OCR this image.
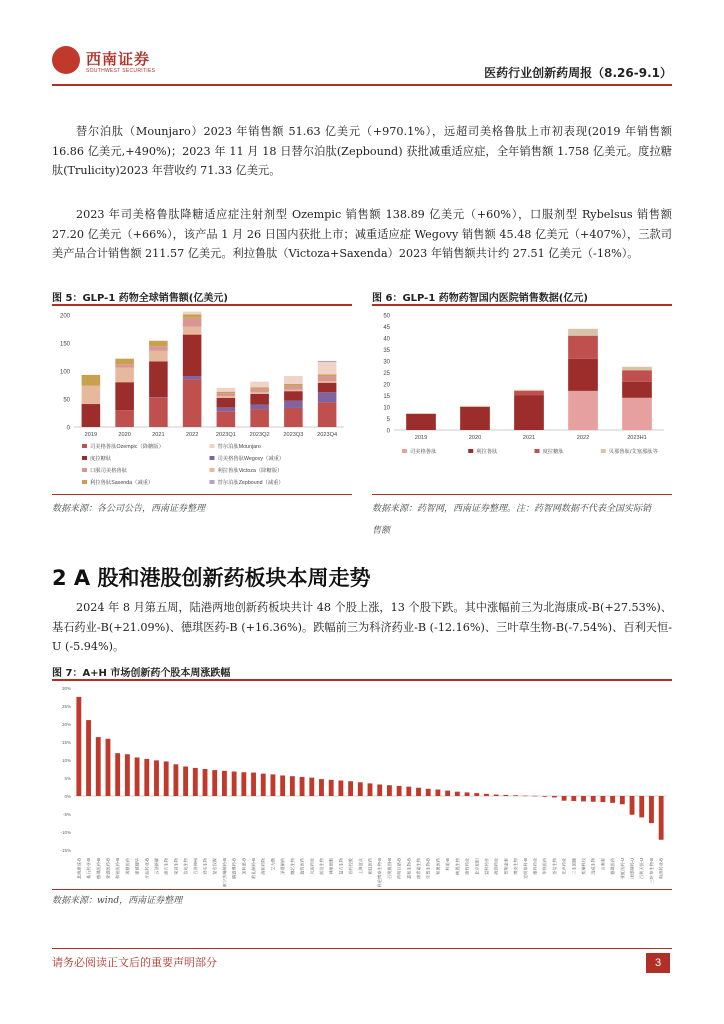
西南证券
SOUTHWEST SECURITIES	医药行业创新药周报（8.26-9.1）
替尔泊肽（Mounjaro）2023 年销售额 51.63 亿美元（+970.1%），远超司美格鲁肽上市初表现(2019 年销售额 16.86 亿美元,+490%)；2023 年 11 月 18 日替尔泊肽(Zepbound) 获批减重适应症，全年销售额 1.758 亿美元。度拉糖肽(Trulicity)2023 年营收约 71.33 亿美元。
2023 年司美格鲁肽降糖适应症注射剂型 Ozempic 销售额 138.89 亿美元（+60%），口服剂型 Rybelsus 销售额 27.20 亿美元（+66%），该产品 1 月 26 日国内获批上市；减重适应症 Wegovy 销售额 45.48 亿美元（+407%），三款司美产品合计销售额 211.57 亿美元。利拉鲁肽（Victoza+Saxenda）2023 年销售额共计约 27.51 亿美元（-18%）。
图 5：GLP-1 药物全球销售额(亿美元)
0
50
100
150
200
2019	2020	2021	2022	2023Q1 2023Q2 2023Q3 2023Q4
司美格鲁肽Ozempic（降糖版）	替尔泊肽Mounjaro
度拉糖肽	司美格鲁肽Wegovy（减重）
口服司美格鲁肽	利拉鲁肽Victoza（降糖版）
利拉鲁肽Saxenda（减重）	替尔泊肽Zepbound（减重）
数据来源：各公司公告，西南证券整理
图 6：GLP-1 药物药智国内医院销售数据(亿元)
0
5
10
15
20
25
30
35
40
45
50
2019	2020	2021	2022	2023H1
司美格鲁肽	利拉鲁肽	度拉糖肽	贝那鲁肽/艾塞那肽等
数据来源：药智网，西南证券整理。注：药智网数据不代表全国实际销
售额
2 A 股和港股创新药板块本周走势
2024 年 8 月第五周，陆港两地创新药板块共计 48 个股上涨，13 个股下跌。其中涨幅前三为北海康成-B(+27.53%)、基石药业-B(+21.09%)、德琪医药-B (+16.36%)。跌幅前三为科济药业-B (-12.16%)、三叶草生物-B(-7.54%)、百利天恒-U (-5.94%)。
图 7：A+H 市场创新药个股本周涨跌幅
30%
25%
20%
15%
10%
5%
0%
-5%
-10%
-15%
北海康成-B 基石药业-B 德琪医药-B 亚盛医药-B 和铂医药-B 再鼎医药 诺诚健华 开拓药业-B 云顶新耀 康方生物 荣昌生物 信达生物 百济神州 君实生物 复宏汉霖 康宁杰瑞制药-B 腾盛博药-B 加科思-B 歌礼制药-B 海和药物 艾力斯 泽璟制药 微芯生物 迪哲医药 贝达药业 前沿生物 神州细胞 益方生物 首药控股 上海谊众 亚虹医药 科伦博泰生物-B 百奥赛图-B 药明巨诺-B 嘉和生物-B 康希诺生物 乐普生物-B 和黄医药 科笛-B 映恩生物 康哲药业 北京昭衍 盟科药业 海创药业 智翔金泰 博安生物 宜明昂科-B 维昇药业 华领医药 荃信生物 先声药业 三生国健 奕瑞科技 迈威生物 百奥泰 德琪医药 亚虹医药-U 泽璟制药-U 百利天恒-U 三叶草生物-B 科济药业-B
数据来源：wind，西南证券整理
请务必阅读正文后的重要声明部分	3
